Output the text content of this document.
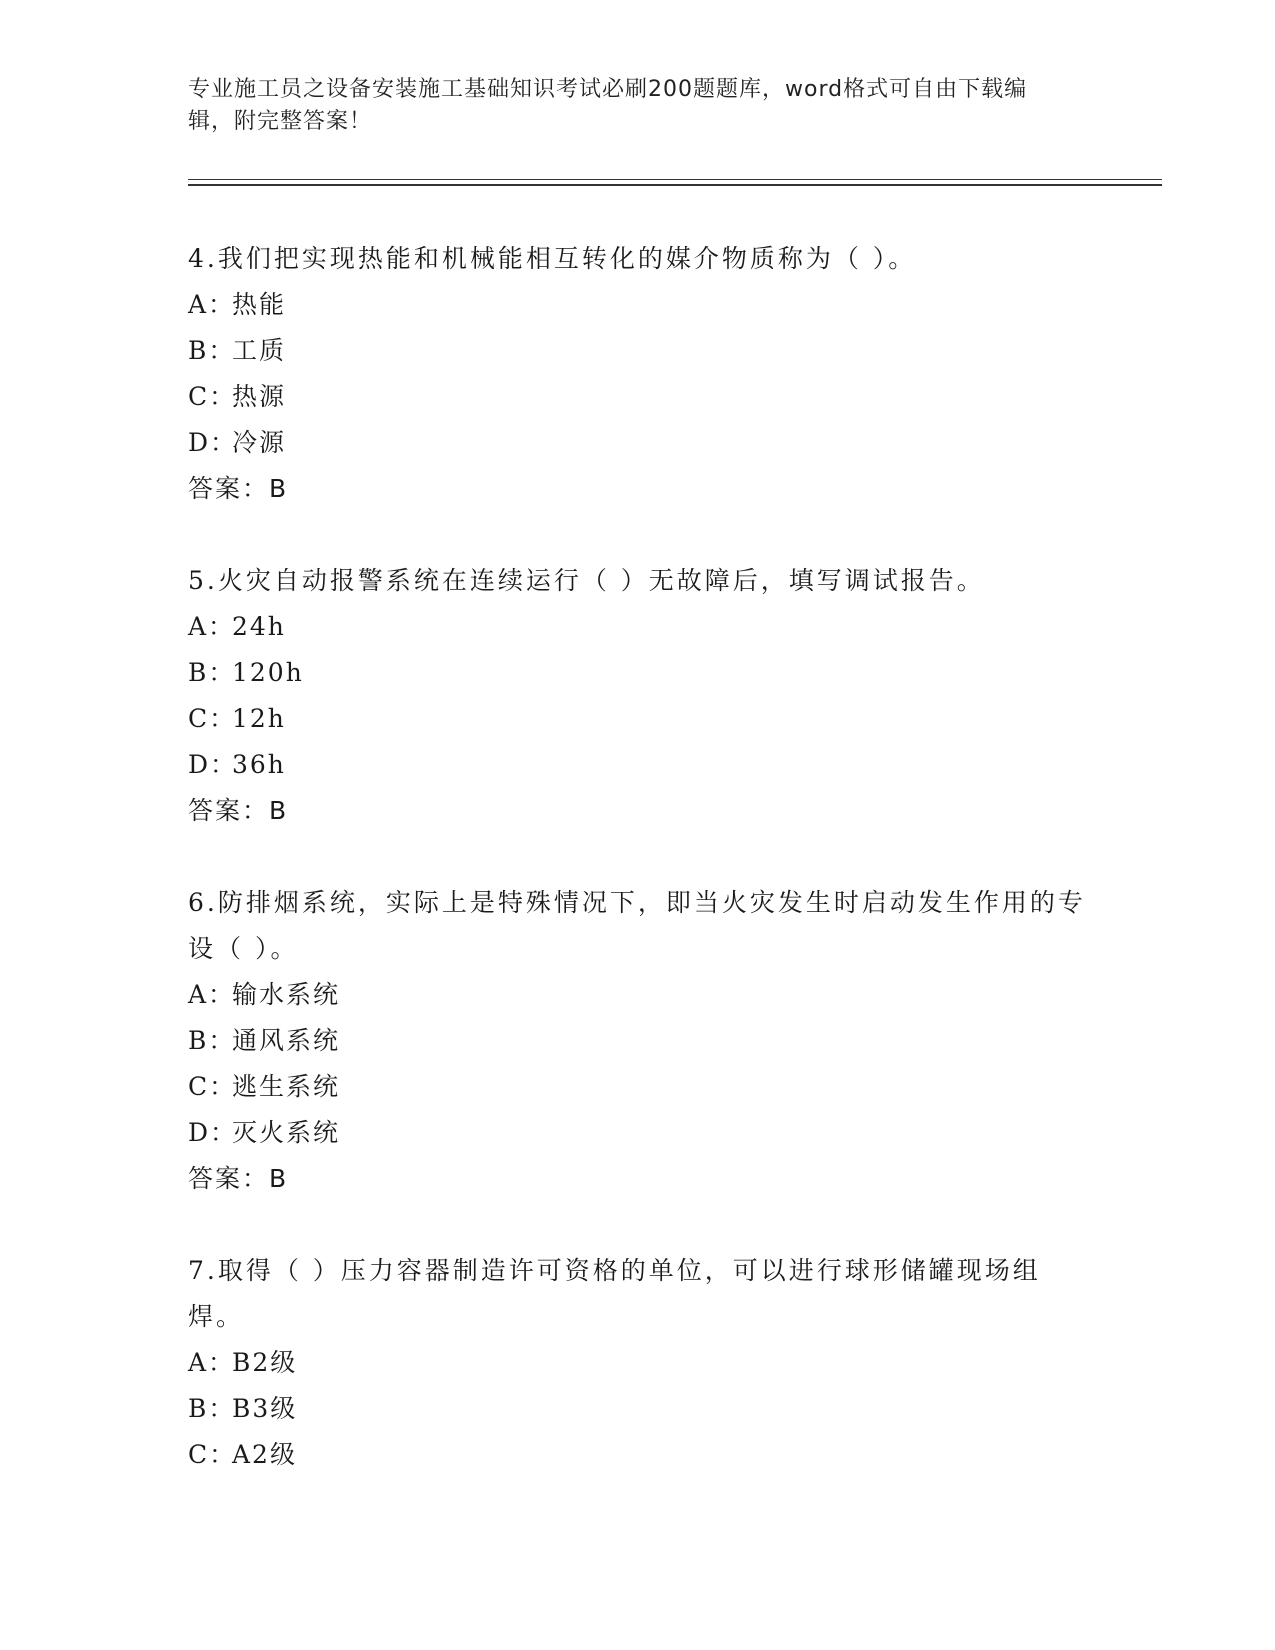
专业施工员之设备安装施工基础知识考试必刷200题题库，word格式可自由下载编辑，附完整答案！

4.我们把实现热能和机械能相互转化的媒介物质称为（ ）。

A：热能

B：工质

C：热源

D：冷源

答案：B

5.火灾自动报警系统在连续运行（ ）无故障后，填写调试报告。

A：24h

B：120h

C：12h

D：36h

答案：B

6.防排烟系统，实际上是特殊情况下，即当火灾发生时启动发生作用的专设（ ）。

A：输水系统

B：通风系统

C：逃生系统

D：灭火系统

答案：B

7.取得（ ）压力容器制造许可资格的单位，可以进行球形储罐现场组焊。

A：B2级

B：B3级

C：A2级
